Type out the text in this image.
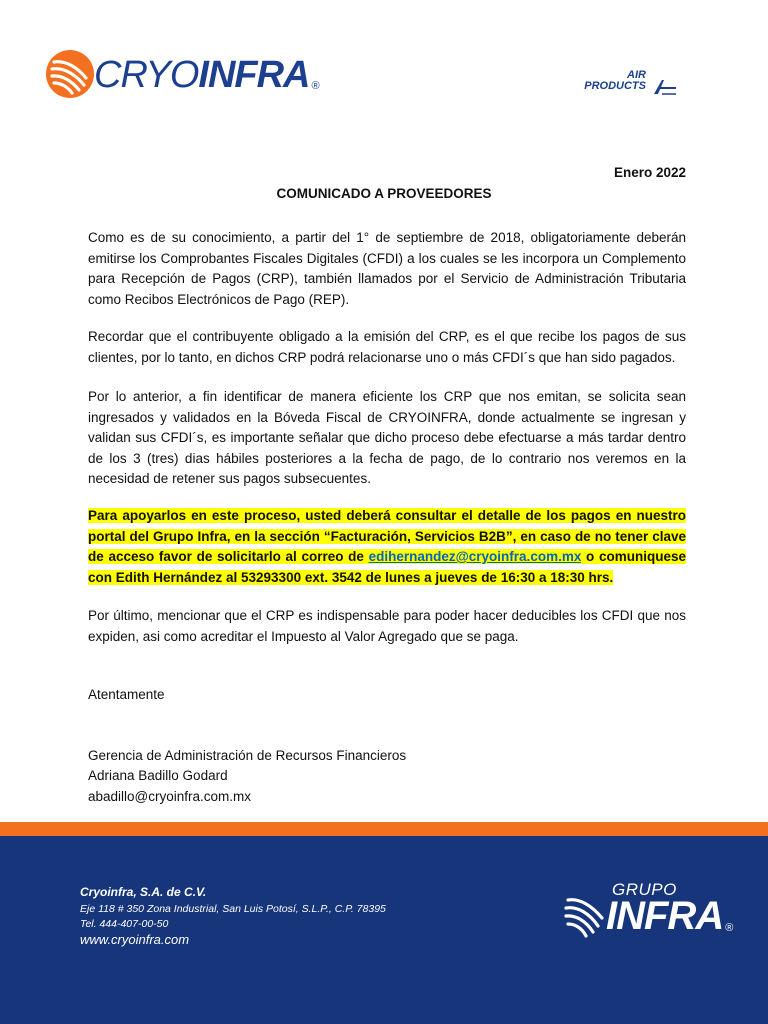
CRYOINFRA ®
AIR
PRODUCTS
Enero 2022
COMUNICADO A PROVEEDORES
Como es de su conocimiento, a partir del 1° de septiembre de 2018, obligatoriamente deberán emitirse los Comprobantes Fiscales Digitales (CFDI) a los cuales se les incorpora un Complemento para Recepción de Pagos (CRP), también llamados por el Servicio de Administración Tributaria como Recibos Electrónicos de Pago (REP).
Recordar que el contribuyente obligado a la emisión del CRP, es el que recibe los pagos de sus clientes, por lo tanto, en dichos CRP podrá relacionarse uno o más CFDI´s que han sido pagados.
Por lo anterior, a fin identificar de manera eficiente los CRP que nos emitan, se solicita sean ingresados y validados en la Bóveda Fiscal de CRYOINFRA, donde actualmente se ingresan y validan sus CFDI´s, es importante señalar que dicho proceso debe efectuarse a más tardar dentro de los 3 (tres) dias hábiles posteriores a la fecha de pago, de lo contrario nos veremos en la necesidad de retener sus pagos subsecuentes.
Para apoyarlos en este proceso, usted deberá consultar el detalle de los pagos en nuestro portal del Grupo Infra, en la sección “Facturación, Servicios B2B”, en caso de no tener clave de acceso favor de solicitarlo al correo de edihernandez@cryoinfra.com.mx o comuniquese con Edith Hernández al 53293300 ext. 3542 de lunes a jueves de 16:30 a 18:30 hrs.
Por último, mencionar que el CRP es indispensable para poder hacer deducibles los CFDI que nos expiden, asi como acreditar el Impuesto al Valor Agregado que se paga.
Atentamente
Gerencia de Administración de Recursos Financieros
Adriana Badillo Godard
abadillo@cryoinfra.com.mx
Cryoinfra, S.A. de C.V.
Eje 118 # 350 Zona Industrial, San Luis Potosí, S.L.P., C.P. 78395
Tel. 444-407-00-50
www.cryoinfra.com
GRUPO
INFRA ®
